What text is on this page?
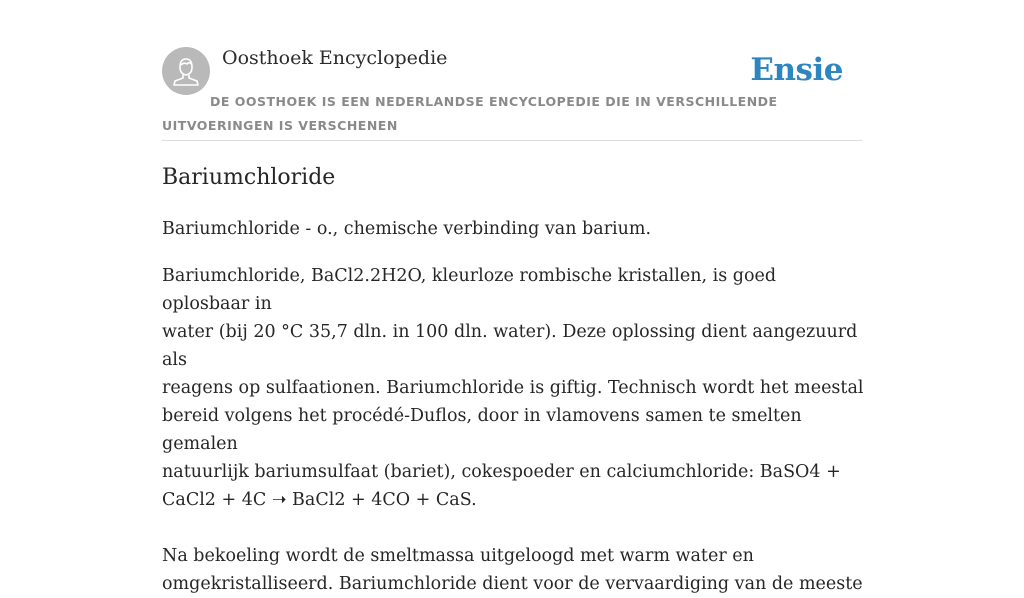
Oosthoek Encyclopedie	Ensie
DE OOSTHOEK IS EEN NEDERLANDSE ENCYCLOPEDIE DIE IN VERSCHILLENDE UITVOERINGEN IS VERSCHENEN
Bariumchloride

Bariumchloride - o., chemische verbinding van barium.

Bariumchloride, BaCl2.2H2O, kleurloze rombische kristallen, is goed oplosbaar in
water (bij 20 °C 35,7 dln. in 100 dln. water). Deze oplossing dient aangezuurd als
reagens op sulfaationen. Bariumchloride is giftig. Technisch wordt het meestal
bereid volgens het procédé-Duflos, door in vlamovens samen te smelten gemalen
natuurlijk bariumsulfaat (bariet), cokespoeder en calciumchloride: BaSO4 +
CaCl2 + 4C ➝ BaCl2 + 4CO + CaS.
Na bekoeling wordt de smeltmassa uitgeloogd met warm water en
omgekristalliseerd. Bariumchloride dient voor de vervaardiging van de meeste
